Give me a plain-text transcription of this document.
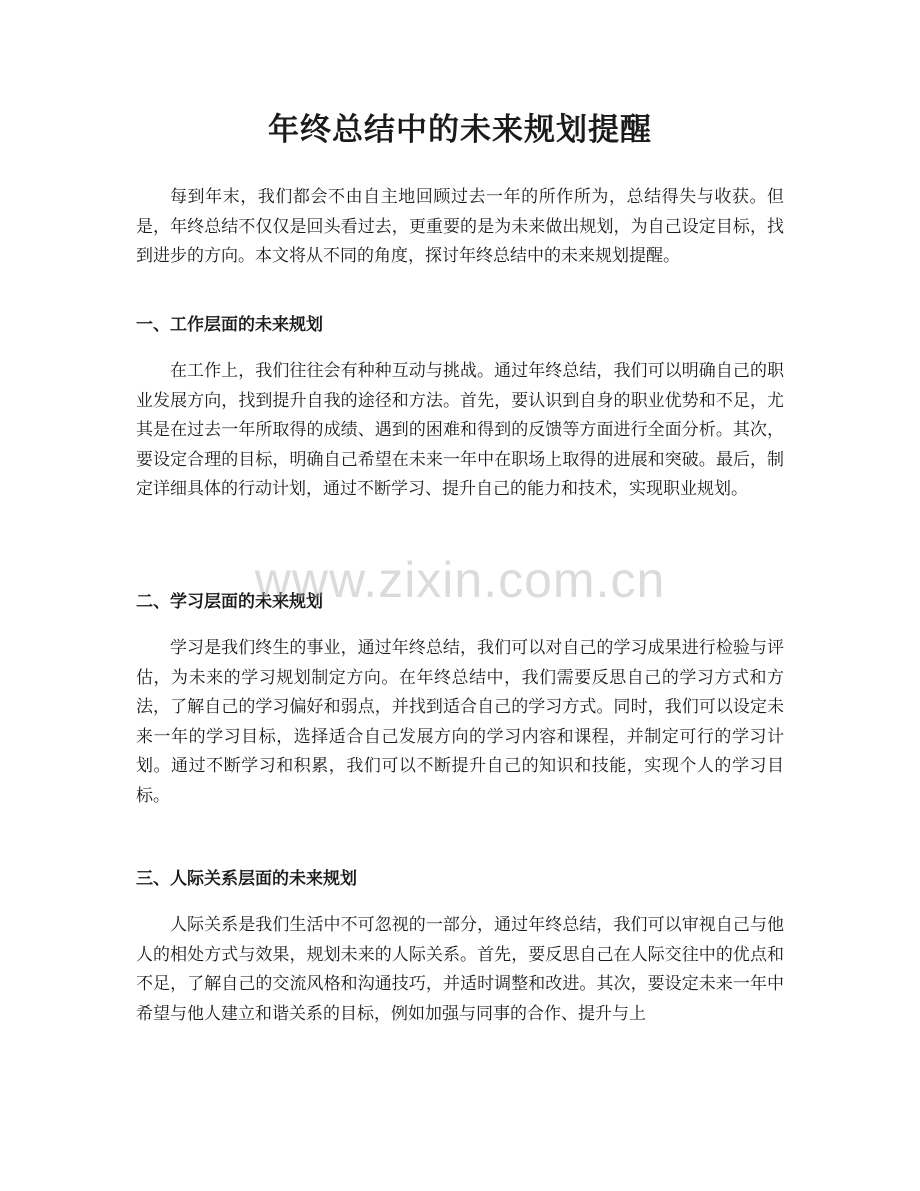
年终总结中的未来规划提醒

每到年末，我们都会不由自主地回顾过去一年的所作所为，总结得失与收获。但是，年终总结不仅仅是回头看过去，更重要的是为未来做出规划，为自己设定目标，找到进步的方向。本文将从不同的角度，探讨年终总结中的未来规划提醒。

一、工作层面的未来规划

在工作上，我们往往会有种种互动与挑战。通过年终总结，我们可以明确自己的职业发展方向，找到提升自我的途径和方法。首先，要认识到自身的职业优势和不足，尤其是在过去一年所取得的成绩、遇到的困难和得到的反馈等方面进行全面分析。其次，要设定合理的目标，明确自己希望在未来一年中在职场上取得的进展和突破。最后，制定详细具体的行动计划，通过不断学习、提升自己的能力和技术，实现职业规划。

二、学习层面的未来规划

学习是我们终生的事业，通过年终总结，我们可以对自己的学习成果进行检验与评估，为未来的学习规划制定方向。在年终总结中，我们需要反思自己的学习方式和方法，了解自己的学习偏好和弱点，并找到适合自己的学习方式。同时，我们可以设定未来一年的学习目标，选择适合自己发展方向的学习内容和课程，并制定可行的学习计划。通过不断学习和积累，我们可以不断提升自己的知识和技能，实现个人的学习目标。

三、人际关系层面的未来规划

人际关系是我们生活中不可忽视的一部分，通过年终总结，我们可以审视自己与他人的相处方式与效果，规划未来的人际关系。首先，要反思自己在人际交往中的优点和不足，了解自己的交流风格和沟通技巧，并适时调整和改进。其次，要设定未来一年中希望与他人建立和谐关系的目标，例如加强与同事的合作、提升与上

www.zixin.com.cn
